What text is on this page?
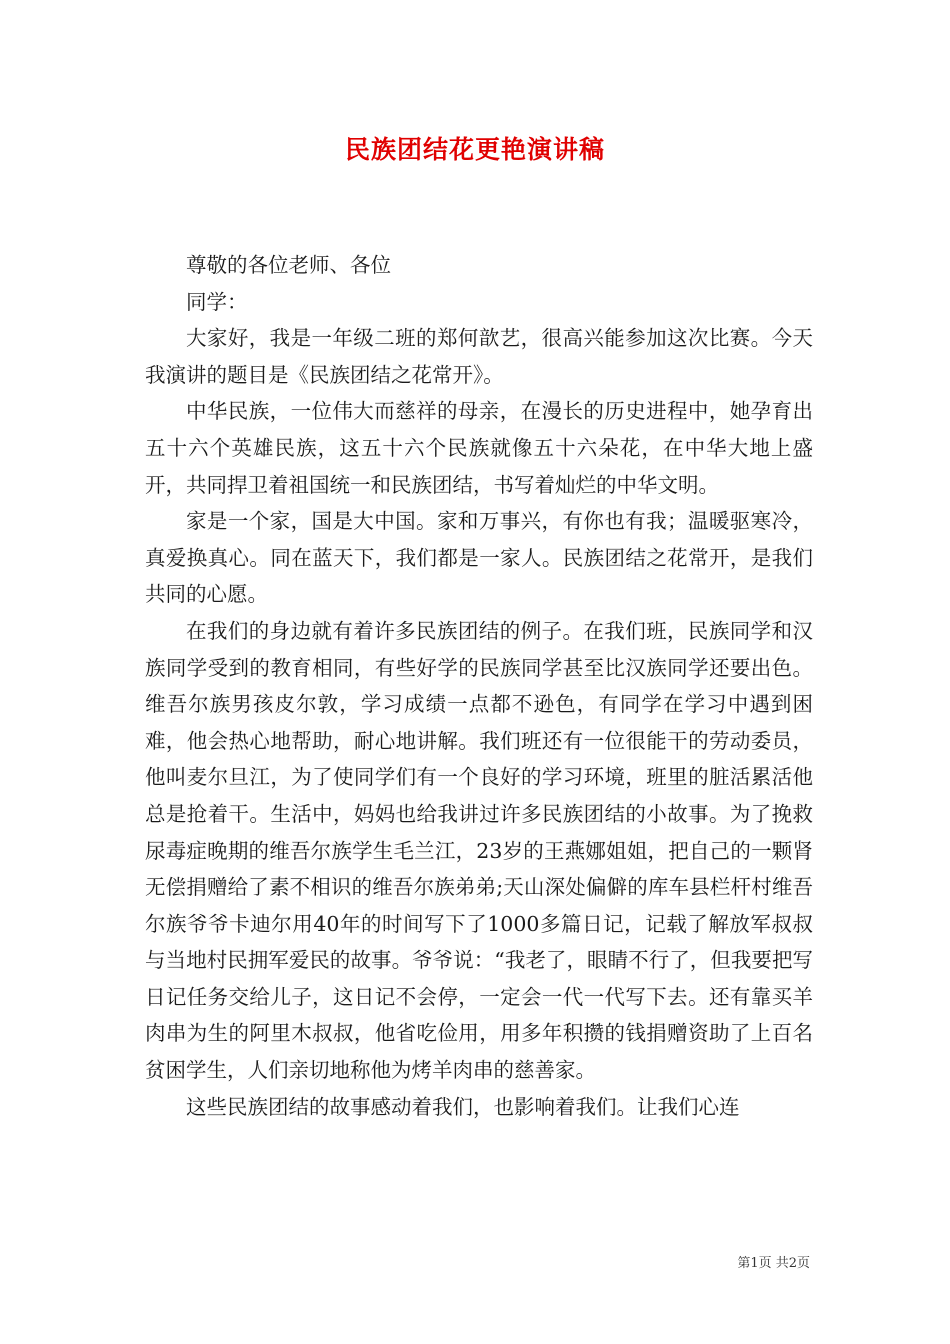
民族团结花更艳演讲稿

尊敬的各位老师、各位

同学：

大家好，我是一年级二班的郑何歆艺，很高兴能参加这次比赛。今天我演讲的题目是《民族团结之花常开》。

中华民族，一位伟大而慈祥的母亲，在漫长的历史进程中，她孕育出五十六个英雄民族，这五十六个民族就像五十六朵花，在中华大地上盛开，共同捍卫着祖国统一和民族团结，书写着灿烂的中华文明。

家是一个家，国是大中国。家和万事兴，有你也有我；温暖驱寒冷，真爱换真心。同在蓝天下，我们都是一家人。民族团结之花常开，是我们共同的心愿。

在我们的身边就有着许多民族团结的例子。在我们班，民族同学和汉族同学受到的教育相同，有些好学的民族同学甚至比汉族同学还要出色。维吾尔族男孩皮尔敦，学习成绩一点都不逊色，有同学在学习中遇到困难，他会热心地帮助，耐心地讲解。我们班还有一位很能干的劳动委员，他叫麦尔旦江，为了使同学们有一个良好的学习环境，班里的脏活累活他总是抢着干。生活中，妈妈也给我讲过许多民族团结的小故事。为了挽救尿毒症晚期的维吾尔族学生毛兰江，23岁的王燕娜姐姐，把自己的一颗肾无偿捐赠给了素不相识的维吾尔族弟弟;天山深处偏僻的库车县栏杆村维吾尔族爷爷卡迪尔用40年的时间写下了1000多篇日记，记载了解放军叔叔与当地村民拥军爱民的故事。爷爷说：“我老了，眼睛不行了，但我要把写日记任务交给儿子，这日记不会停，一定会一代一代写下去。还有靠买羊肉串为生的阿里木叔叔，他省吃俭用，用多年积攒的钱捐赠资助了上百名贫困学生，人们亲切地称他为烤羊肉串的慈善家。

这些民族团结的故事感动着我们，也影响着我们。让我们心连

第1页 共2页
